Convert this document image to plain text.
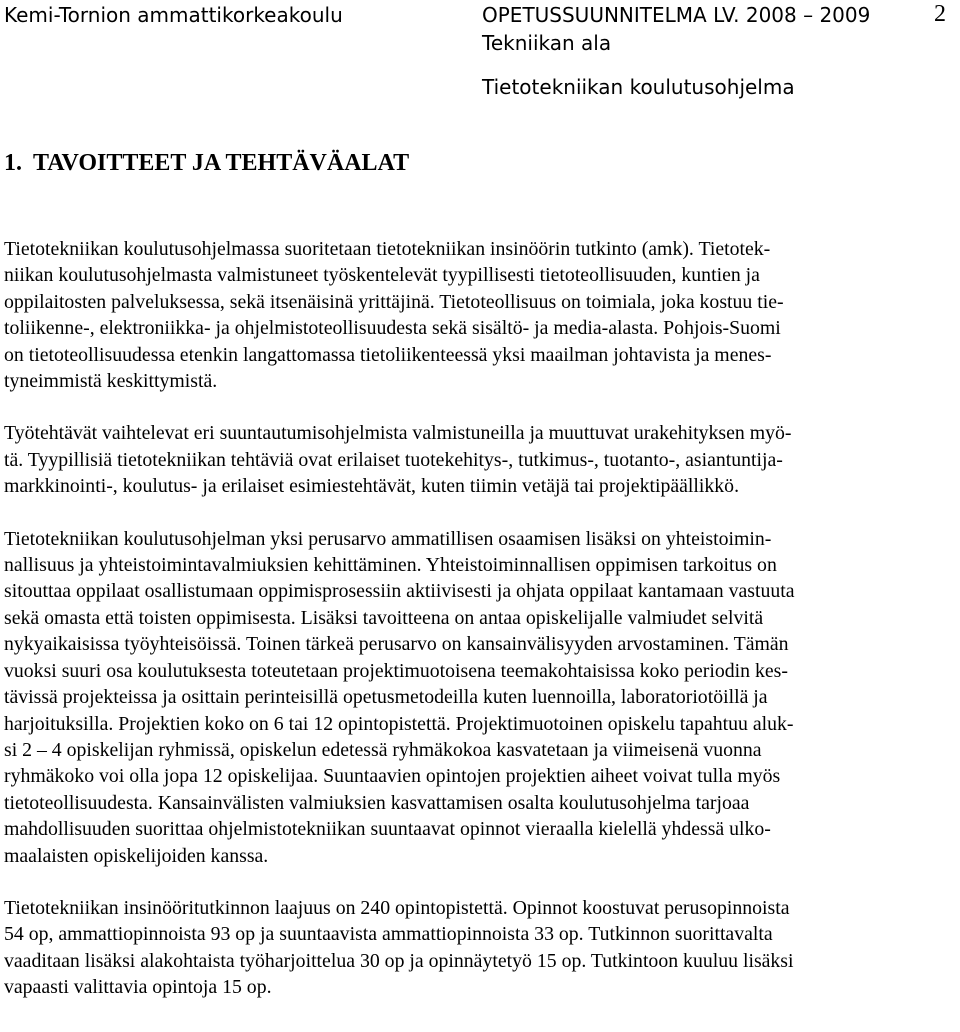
Kemi-Tornion ammattikorkeakoulu	OPETUSSUUNNITELMA LV. 2008 – 2009	2
Tekniikan ala
Tietotekniikan koulutusohjelma
1. TAVOITTEET JA TEHTÄVÄALAT

Tietotekniikan koulutusohjelmassa suoritetaan tietotekniikan insinöörin tutkinto (amk). Tietotek-
niikan koulutusohjelmasta valmistuneet työskentelevät tyypillisesti tietoteollisuuden, kuntien ja
oppilaitosten palveluksessa, sekä itsenäisinä yrittäjinä. Tietoteollisuus on toimiala, joka kostuu tie-
toliikenne-, elektroniikka- ja ohjelmistoteollisuudesta sekä sisältö- ja media-alasta. Pohjois-Suomi
on tietoteollisuudessa etenkin langattomassa tietoliikenteessä yksi maailman johtavista ja menes-
tyneimmistä keskittymistä.

Työtehtävät vaihtelevat eri suuntautumisohjelmista valmistuneilla ja muuttuvat urakehityksen myö-
tä. Tyypillisiä tietotekniikan tehtäviä ovat erilaiset tuotekehitys-, tutkimus-, tuotanto-, asiantuntija-
markkinointi-, koulutus- ja erilaiset esimiestehtävät, kuten tiimin vetäjä tai projektipäällikkö.

Tietotekniikan koulutusohjelman yksi perusarvo ammatillisen osaamisen lisäksi on yhteistoimin-
nallisuus ja yhteistoimintavalmiuksien kehittäminen. Yhteistoiminnallisen oppimisen tarkoitus on
sitouttaa oppilaat osallistumaan oppimisprosessiin aktiivisesti ja ohjata oppilaat kantamaan vastuuta
sekä omasta että toisten oppimisesta. Lisäksi tavoitteena on antaa opiskelijalle valmiudet selvitä
nykyaikaisissa työyhteisöissä. Toinen tärkeä perusarvo on kansainvälisyyden arvostaminen. Tämän
vuoksi suuri osa koulutuksesta toteutetaan projektimuotoisena teemakohtaisissa koko periodin kes-
tävissä projekteissa ja osittain perinteisillä opetusmetodeilla kuten luennoilla, laboratoriotöillä ja
harjoituksilla. Projektien koko on 6 tai 12 opintopistettä. Projektimuotoinen opiskelu tapahtuu aluk-
si 2 – 4 opiskelijan ryhmissä, opiskelun edetessä ryhmäkokoa kasvatetaan ja viimeisenä vuonna
ryhmäkoko voi olla jopa 12 opiskelijaa. Suuntaavien opintojen projektien aiheet voivat tulla myös
tietoteollisuudesta. Kansainvälisten valmiuksien kasvattamisen osalta koulutusohjelma tarjoaa
mahdollisuuden suorittaa ohjelmistotekniikan suuntaavat opinnot vieraalla kielellä yhdessä ulko-
maalaisten opiskelijoiden kanssa.

Tietotekniikan insinööritutkinnon laajuus on 240 opintopistettä. Opinnot koostuvat perusopinnoista
54 op, ammattiopinnoista 93 op ja suuntaavista ammattiopinnoista 33 op. Tutkinnon suorittavalta
vaaditaan lisäksi alakohtaista työharjoittelua 30 op ja opinnäytetyö 15 op. Tutkintoon kuuluu lisäksi
vapaasti valittavia opintoja 15 op.
